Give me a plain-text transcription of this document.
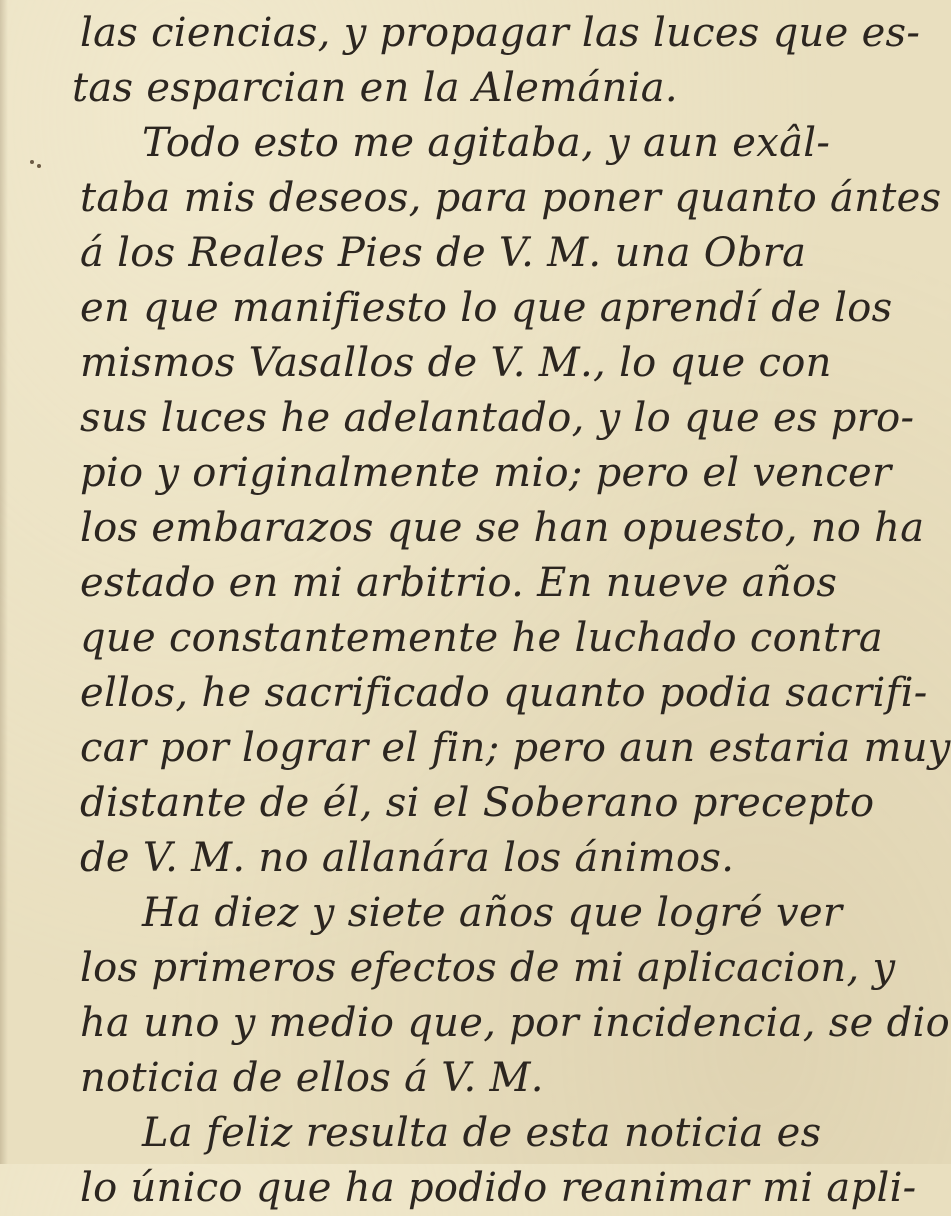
las ciencias, y propagar las luces que es-

tas esparcian en la Alemánia.

Todo esto me agitaba, y aun exâl-

taba mis deseos, para poner quanto ántes

á los Reales Pies de V. M. una Obra

en que manifiesto lo que aprendí de los

mismos Vasallos de V. M., lo que con

sus luces he adelantado, y lo que es pro-

pio y originalmente mio; pero el vencer

los embarazos que se han opuesto, no ha

estado en mi arbitrio. En nueve años

que constantemente he luchado contra

ellos, he sacrificado quanto podia sacrifi-

car por lograr el fin; pero aun estaria muy

distante de él, si el Soberano precepto

de V. M. no allanára los ánimos.

Ha diez y siete años que logré ver

los primeros efectos de mi aplicacion, y

ha uno y medio que, por incidencia, se dio

noticia de ellos á V. M.

La feliz resulta de esta noticia es

lo único que ha podido reanimar mi apli-
